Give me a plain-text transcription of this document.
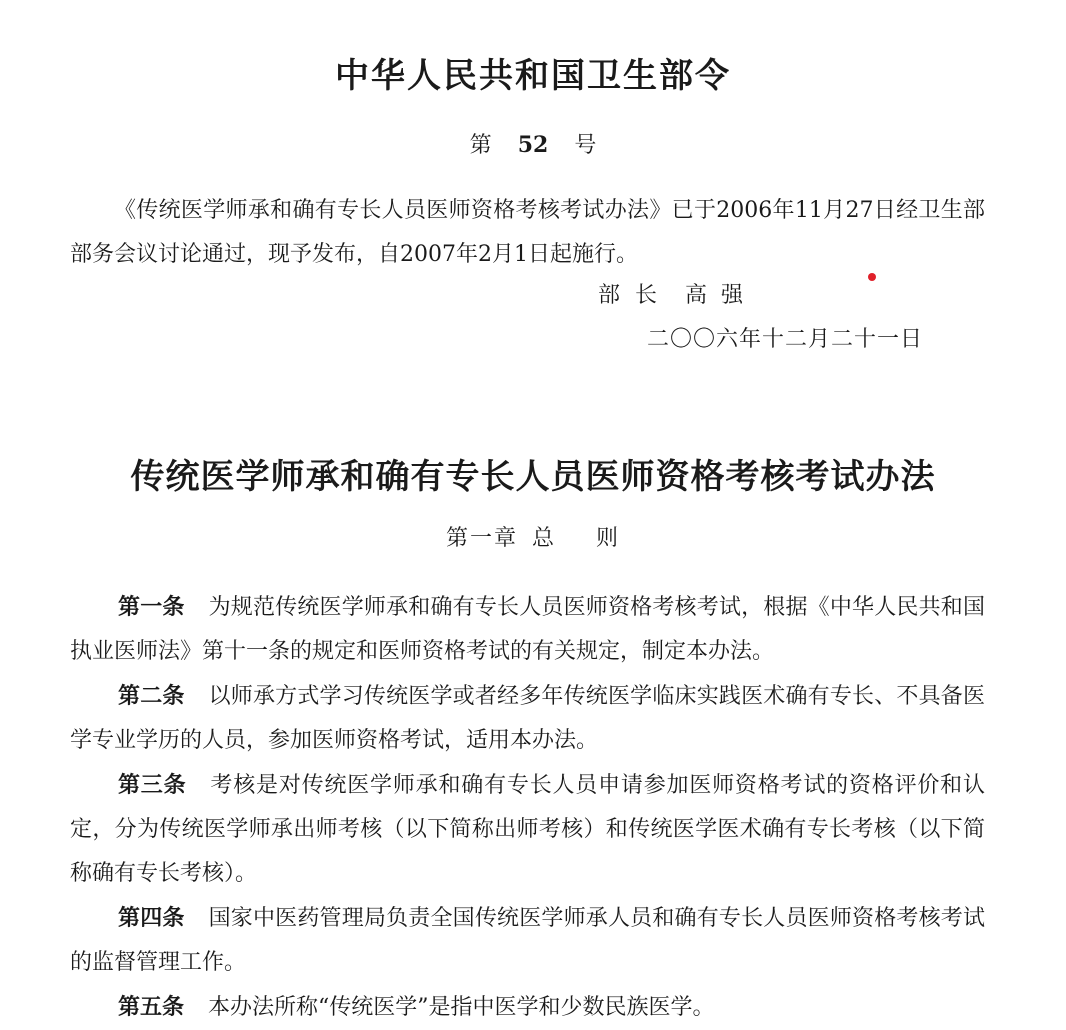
中华人民共和国卫生部令

第 52 号

《传统医学师承和确有专长人员医师资格考核考试办法》已于2006年11月27日经卫生部部务会议讨论通过，现予发布，自2007年2月1日起施行。

部 长 高强

二〇〇六年十二月二十一日

传统医学师承和确有专长人员医师资格考核考试办法

第一章 总 则

第一条 为规范传统医学师承和确有专长人员医师资格考核考试，根据《中华人民共和国执业医师法》第十一条的规定和医师资格考试的有关规定，制定本办法。

第二条 以师承方式学习传统医学或者经多年传统医学临床实践医术确有专长、不具备医学专业学历的人员，参加医师资格考试，适用本办法。

第三条 考核是对传统医学师承和确有专长人员申请参加医师资格考试的资格评价和认定，分为传统医学师承出师考核（以下简称出师考核）和传统医学医术确有专长考核（以下简称确有专长考核）。

第四条 国家中医药管理局负责全国传统医学师承人员和确有专长人员医师资格考核考试的监督管理工作。

第五条 本办法所称“传统医学”是指中医学和少数民族医学。
